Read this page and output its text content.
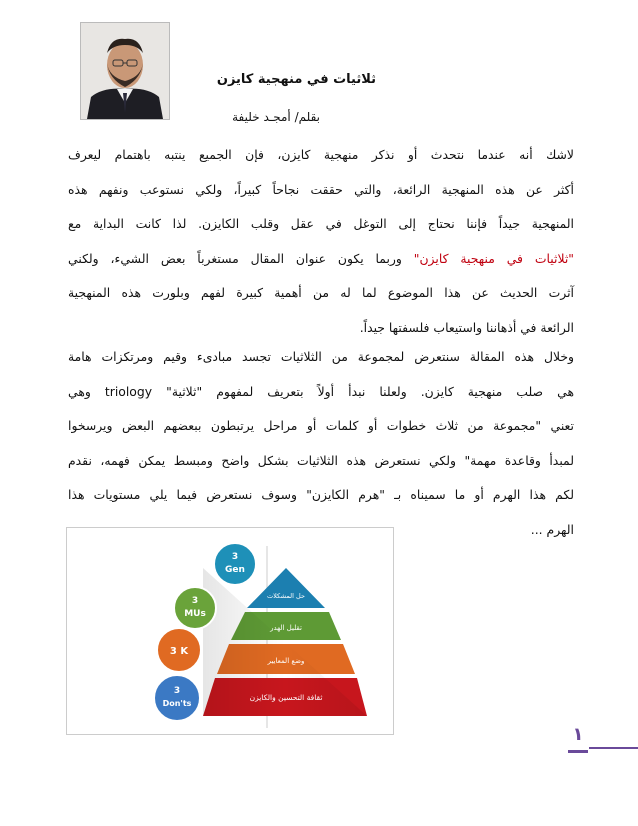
ثلاثيات في منهجية كايزن
بقلم/ أمجـد خليفة
لاشك أنه عندما نتحدث أو نذكر منهجية كايزن، فإن الجميع ينتبه باهتمام ليعرف
أكثر عن هذه المنهجية الرائعة، والتي حققت نجاحاً كبيراً، ولكي نستوعب ونفهم هذه
المنهجية جيداً فإننا نحتاج إلى التوغل في عقل وقلب الكايزن. لذا كانت البداية مع
"ثلاثيات في منهجية كايزن" وربما يكون عنوان المقال مستغرباً بعض الشيء، ولكني
آثرت الحديث عن هذا الموضوع لما له من أهمية كبيرة لفهم وبلورت هذه المنهجية
الرائعة في أذهاننا واستيعاب فلسفتها جيداً.
وخلال هذه المقالة سنتعرض لمجموعة من الثلاثيات تجسد مبادىء وقيم ومرتكزات هامة
هي صلب منهجية كايزن. ولعلنا نبدأ أولاً بتعريف لمفهوم "ثلاثية" triology وهي
تعني "مجموعة من ثلاث خطوات أو كلمات أو مراحل يرتبطون ببعضهم البعض ويرسخوا
لمبدأ وقاعدة مهمة" ولكي نستعرض هذه الثلاثيات بشكل واضح ومبسط يمكن فهمه، نقدم
لكم هذا الهرم أو ما سميناه بـ "هرم الكايزن" وسوف نستعرض فيما يلي مستويات هذا
الهرم ...
حل المشكلات
تقليل الهدر
وضع المعايير
ثقافة التحسين والكايزن
3
Gen
3
MUs
3 K
3
Don'ts
١
